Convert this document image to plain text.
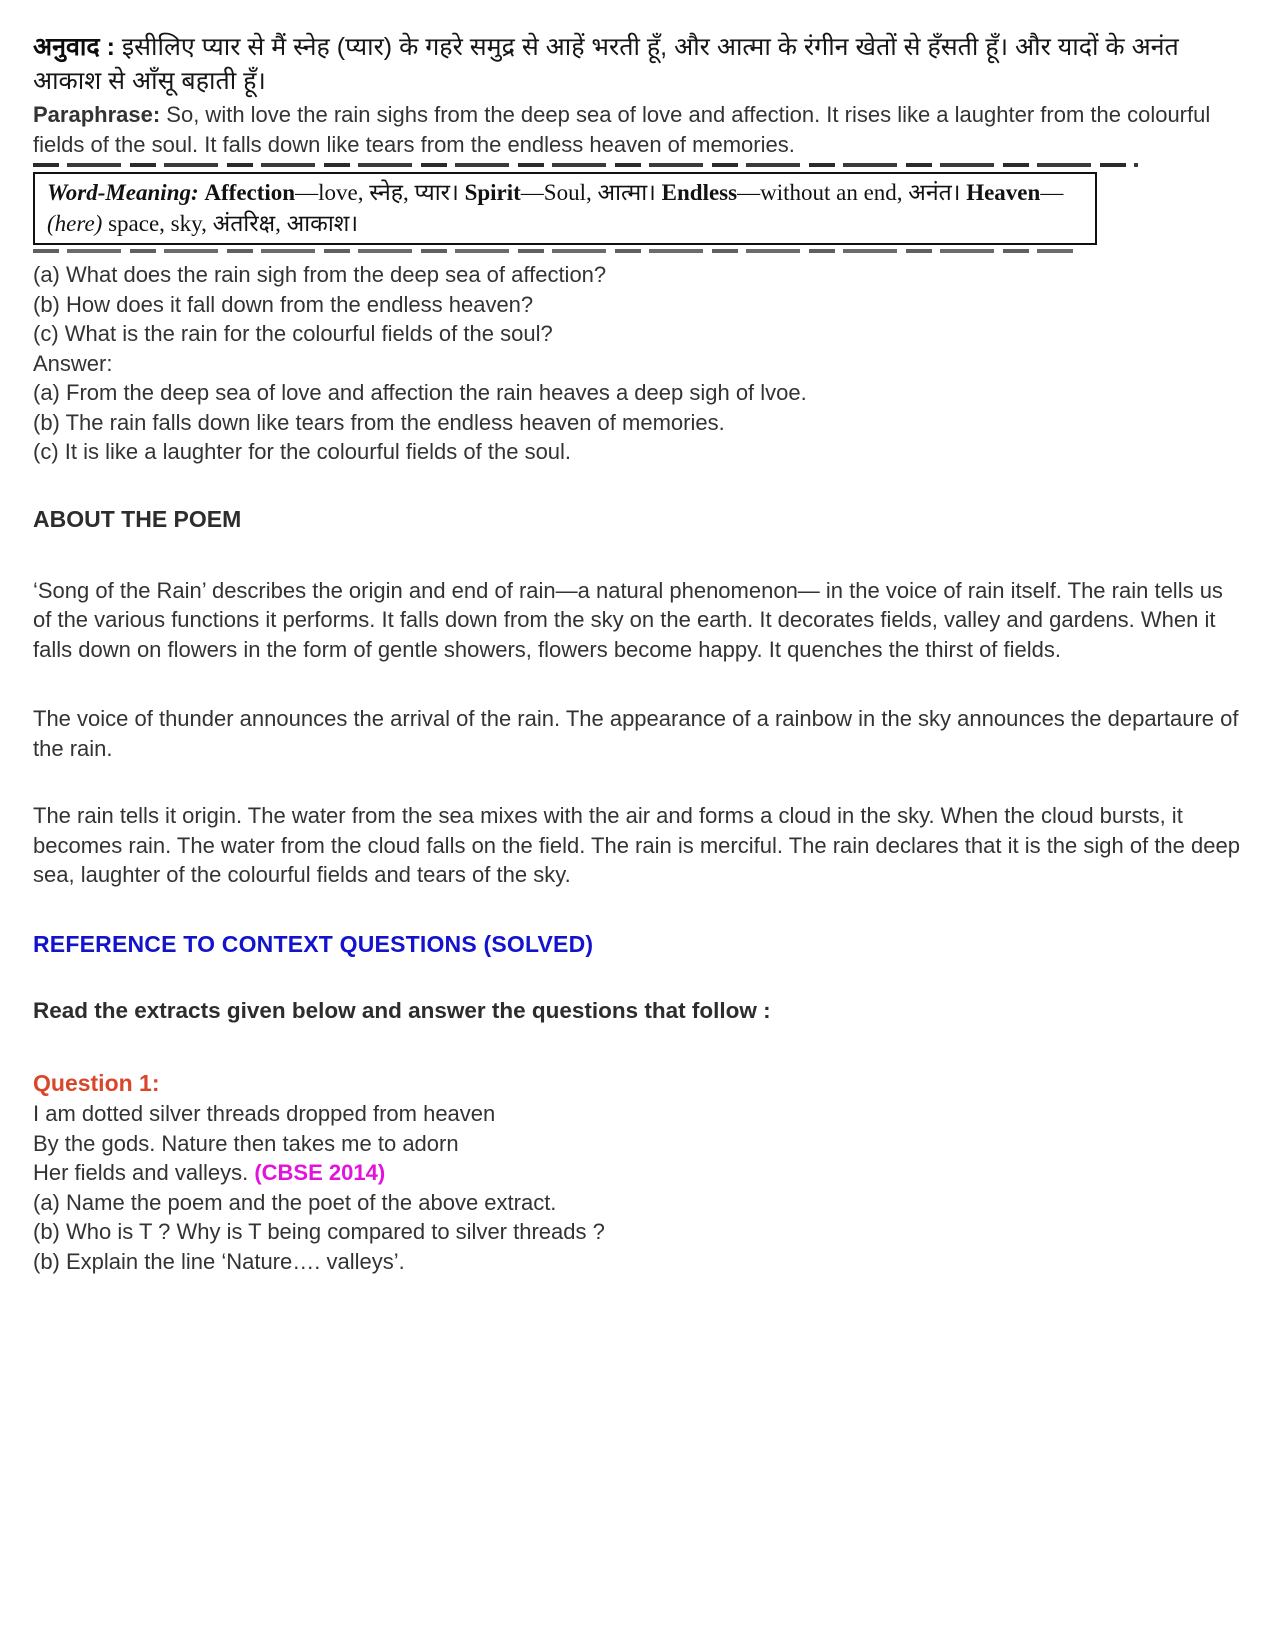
अनुवाद : इसीलिए प्यार से मैं स्नेह (प्यार) के गहरे समुद्र से आहें भरती हूँ, और आत्मा के रंगीन खेतों से हँसती हूँ। और यादों के अनंत आकाश से आँसू बहाती हूँ।

Paraphrase: So, with love the rain sighs from the deep sea of love and affection. It rises like a laughter from the colourful fields of the soul. It falls down like tears from the endless heaven of memories.

Word-Meaning: Affection—love, स्नेह, प्यार। Spirit—Soul, आत्मा। Endless—without an end, अनंत। Heaven—
(here) space, sky, अंतरिक्ष, आकाश।
(a) What does the rain sigh from the deep sea of affection?
(b) How does it fall down from the endless heaven?
(c) What is the rain for the colourful fields of the soul?
Answer:
(a) From the deep sea of love and affection the rain heaves a deep sigh of lvoe.
(b) The rain falls down like tears from the endless heaven of memories.
(c) It is like a laughter for the colourful fields of the soul.
ABOUT THE POEM

‘Song of the Rain’ describes the origin and end of rain—a natural phenomenon— in the voice of rain itself. The rain tells us of the various functions it performs. It falls down from the sky on the earth. It decorates fields, valley and gardens. When it falls down on flowers in the form of gentle showers, flowers become happy. It quenches the thirst of fields.

The voice of thunder announces the arrival of the rain. The appearance of a rainbow in the sky announces the departaure of the rain.

The rain tells it origin. The water from the sea mixes with the air and forms a cloud in the sky. When the cloud bursts, it becomes rain. The water from the cloud falls on the field. The rain is merciful. The rain declares that it is the sigh of the deep sea, laughter of the colourful fields and tears of the sky.

REFERENCE TO CONTEXT QUESTIONS (SOLVED)

Read the extracts given below and answer the questions that follow :

Question 1:
I am dotted silver threads dropped from heaven
By the gods. Nature then takes me to adorn
Her fields and valleys. (CBSE 2014)
(a) Name the poem and the poet of the above extract.
(b) Who is T ? Why is T being compared to silver threads ?
(b) Explain the line ‘Nature…. valleys’.
